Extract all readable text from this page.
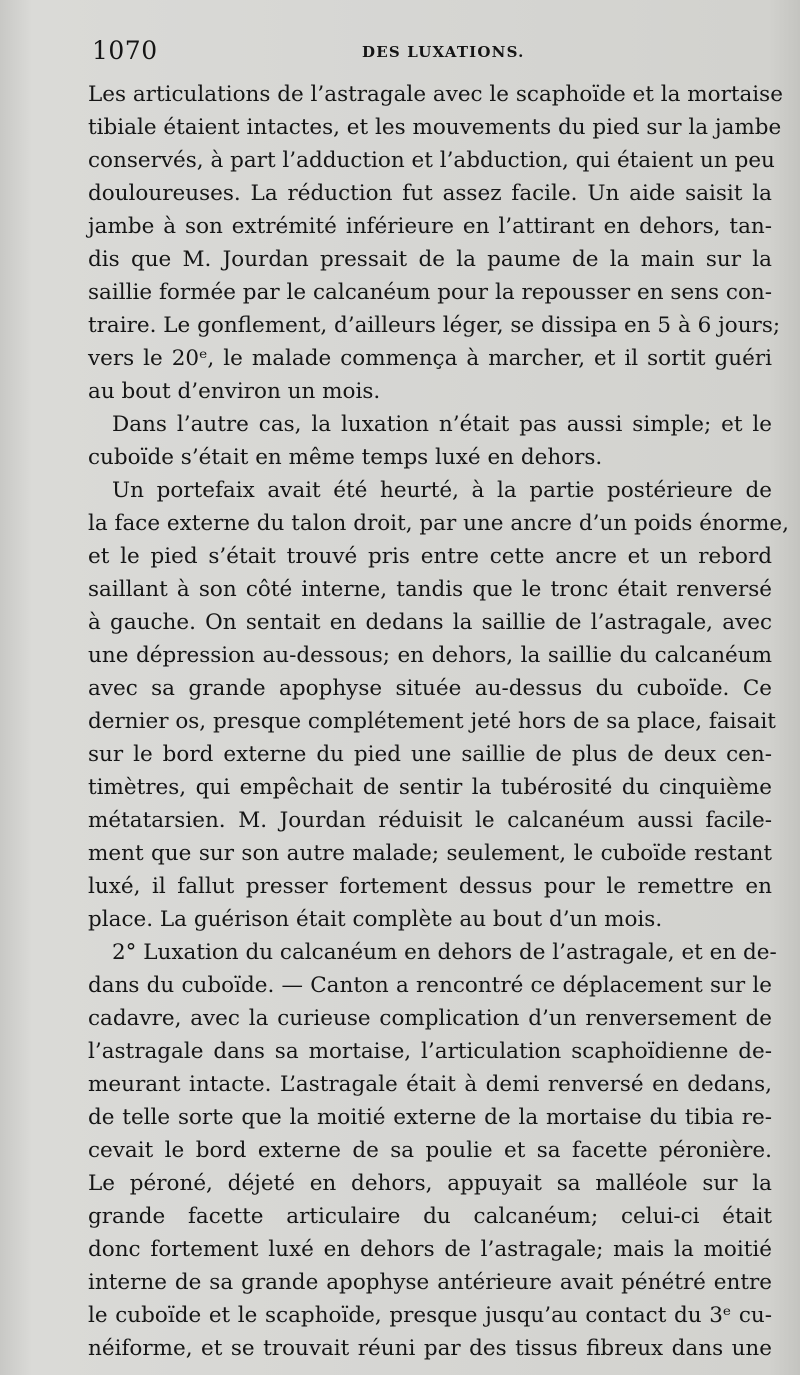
1070	DES LUXATIONS.
Les articulations de l’astragale avec le scaphoïde et la mortaise
tibiale étaient intactes, et les mouvements du pied sur la jambe
conservés, à part l’adduction et l’abduction, qui étaient un peu
douloureuses. La réduction fut assez facile. Un aide saisit la
jambe à son extrémité inférieure en l’attirant en dehors, tan-
dis que M. Jourdan pressait de la paume de la main sur la
saillie formée par le calcanéum pour la repousser en sens con-
traire. Le gonflement, d’ailleurs léger, se dissipa en 5 à 6 jours;
vers le 20ᵉ, le malade commença à marcher, et il sortit guéri
au bout d’environ un mois.
Dans l’autre cas, la luxation n’était pas aussi simple; et le
cuboïde s’était en même temps luxé en dehors.
Un portefaix avait été heurté, à la partie postérieure de
la face externe du talon droit, par une ancre d’un poids énorme,
et le pied s’était trouvé pris entre cette ancre et un rebord
saillant à son côté interne, tandis que le tronc était renversé
à gauche. On sentait en dedans la saillie de l’astragale, avec
une dépression au-dessous; en dehors, la saillie du calcanéum
avec sa grande apophyse située au-dessus du cuboïde. Ce
dernier os, presque complétement jeté hors de sa place, faisait
sur le bord externe du pied une saillie de plus de deux cen-
timètres, qui empêchait de sentir la tubérosité du cinquième
métatarsien. M. Jourdan réduisit le calcanéum aussi facile-
ment que sur son autre malade; seulement, le cuboïde restant
luxé, il fallut presser fortement dessus pour le remettre en
place. La guérison était complète au bout d’un mois.
2° Luxation du calcanéum en dehors de l’astragale, et en de-
dans du cuboïde. — Canton a rencontré ce déplacement sur le
cadavre, avec la curieuse complication d’un renversement de
l’astragale dans sa mortaise, l’articulation scaphoïdienne de-
meurant intacte. L’astragale était à demi renversé en dedans,
de telle sorte que la moitié externe de la mortaise du tibia re-
cevait le bord externe de sa poulie et sa facette péronière.
Le péroné, déjeté en dehors, appuyait sa malléole sur la
grande facette articulaire du calcanéum; celui-ci était
donc fortement luxé en dehors de l’astragale; mais la moitié
interne de sa grande apophyse antérieure avait pénétré entre
le cuboïde et le scaphoïde, presque jusqu’au contact du 3ᵉ cu-
néiforme, et se trouvait réuni par des tissus fibreux dans une
